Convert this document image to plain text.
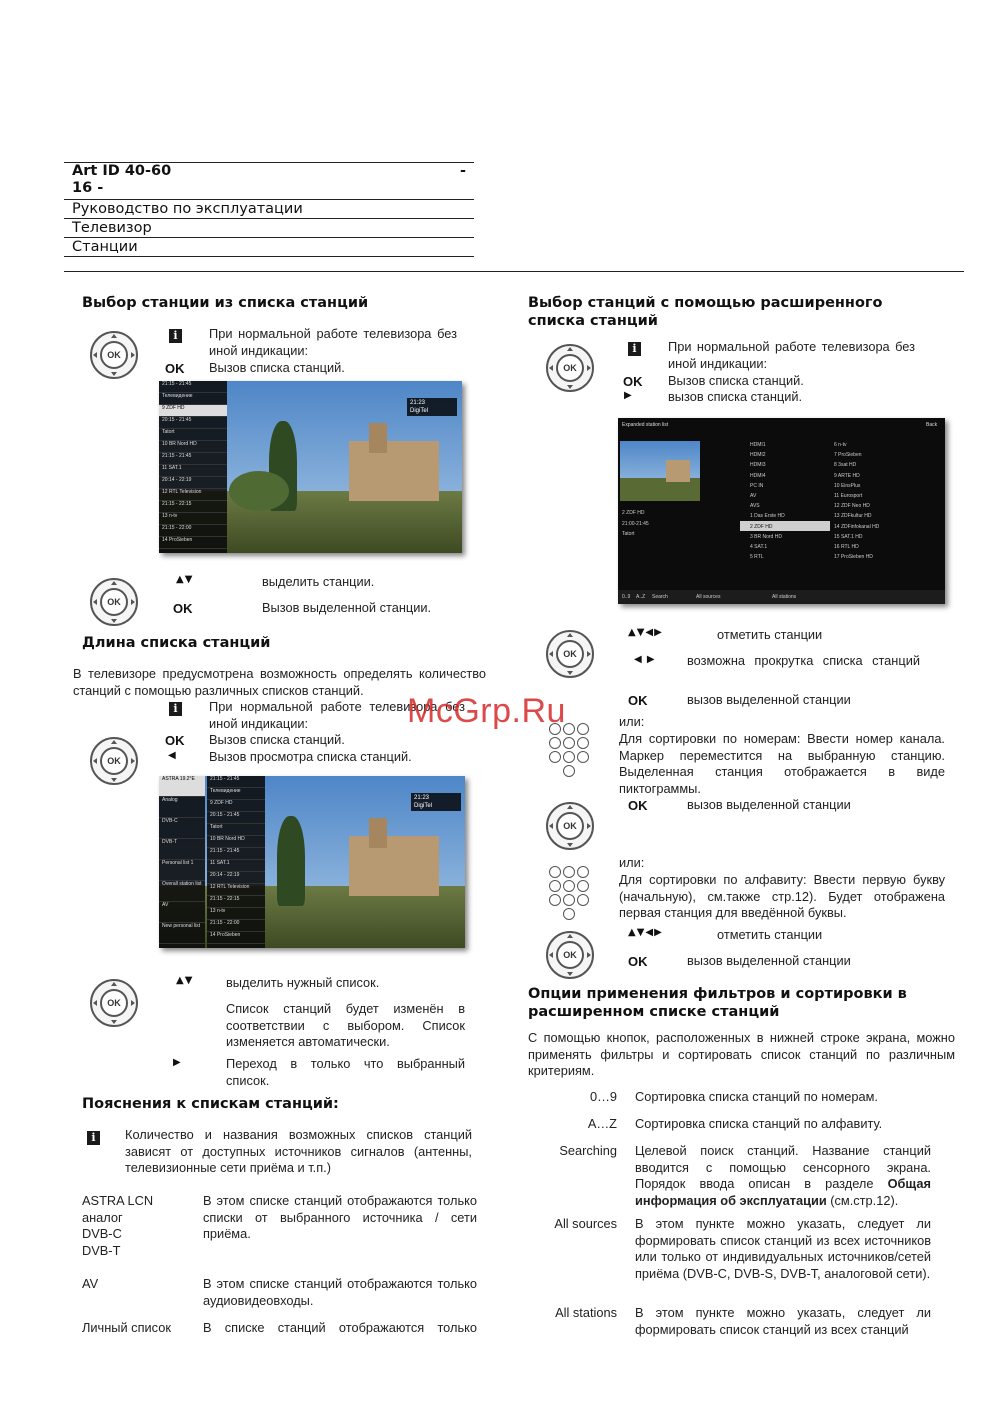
Art ID 40-60	-

16 -
Руководство по эксплуатации
Телевизор
Станции
Выбор станции из списка станций
OK
i	При нормальной работе телевизора без иной индикации:
OK Вызов списка станций.
21:15 - 21:45
Телевидение
9 ZDF HD
20:15 - 21:45
Tatort
10 BR Nord HD
21:15 - 21:45
11 SAT.1
20:14 - 22:19
12 RTL Television
21:15 - 22:15
13 n-tv
21:15 - 22:00
14 ProSieben
21:23
DigiTel
OK
▲▼	выделить станции.
OK	Вызов выделенной станции.
Длина списка станций
В телевизоре предусмотрена возможность определять количество станций с помощью различных списков станций.
i	При нормальной работе телевизора без иной индикации:
OK
OK Вызов списка станций.
◀	Вызов просмотра списка станций.
ASTRA 19.2°E
Analog
DVB-C
DVB-T
Personal list 1
Overall station list
AV
New personal list
21:15 - 21:45
Телевидение
9 ZDF HD
20:15 - 21:45
Tatort
10 BR Nord HD
21:15 - 21:45
11 SAT.1
20:14 - 22:19
12 RTL Television
21:15 - 22:15
13 n-tv
21:15 - 22:00
14 ProSieben
21:23
DigiTel
OK
▲▼	выделить нужный список.
Список станций будет изменён в соответствии с выбором. Список изменяется автоматически.
▶	Переход в только что выбранный список.
Пояснения к спискам станций:
i	Количество и названия возможных списков станций зависят от доступных источников сигналов (антенны, телевизионные сети приёма и т.п.)
ASTRA LCN
аналог
DVB-C
DVB-T
В этом списке станций отображаются только списки от выбранного источника / сети приёма.
AV	В этом списке станций отображаются только аудиовидеовходы.
Личный список	В списке станций отображаются только
Выбор станций с помощью расширенного
списка станций
OK
i	При нормальной работе телевизора без иной индикации:
OK Вызов списка станций.
▶	вызов списка станций.
Expanded station list	Back

2 ZDF HD
21:00-21:45
Tatort
HDMI1
HDMI2
HDMI3
HDMI4
PC IN
AV
AVS
1 Das Erste HD
2 ZDF HD
3 BR Nord HD
4 SAT.1
5 RTL
6 n-tv
7 ProSieben
8 3sat HD
9 ARTE HD
10 EinsPlus
11 Eurosport
12 ZDF Neo HD
13 ZDFkultur HD
14 ZDFinfokanal HD
15 SAT.1 HD
16 RTL HD
17 ProSieben HD
0..9 A..Z Search	All sources	All stations
OK
▲▼◀▶	отметить станции
◀ ▶ возможна прокрутка списка станций
OK	вызов выделенной станции
или:
Для сортировки по номерам: Ввести номер канала. Маркер переместится на выбранную станцию. Выделенная станция отображается в виде пиктограммы.
OK
OK	вызов выделенной станции
или:
Для сортировки по алфавиту: Ввести первую букву (начальную), см.также стр.12). Будет отображена первая станция для введённой буквы.
OK
▲▼◀▶	отметить станции
OK	вызов выделенной станции
Опции применения фильтров и сортировки в
расширенном списке станций
С помощью кнопок, расположенных в нижней строке экрана, можно применять фильтры и сортировать список станций по различным критериям.
0…9 Сортировка списка станций по номерам.
A…Z Сортировка списка станций по алфавиту.
Searching Целевой поиск станций. Название станций вводится с помощью сенсорного экрана. Порядок ввода описан в разделе Общая информация об эксплуатации (см.стр.12).
All sources В этом пункте можно указать, следует ли формировать список станций из всех источников или только от индивидуальных источников/сетей приёма (DVB-C, DVB-S, DVB-T, аналоговой сети).
All stations В этом пункте можно указать, следует ли формировать список станций из всех станций
McGrp.Ru
